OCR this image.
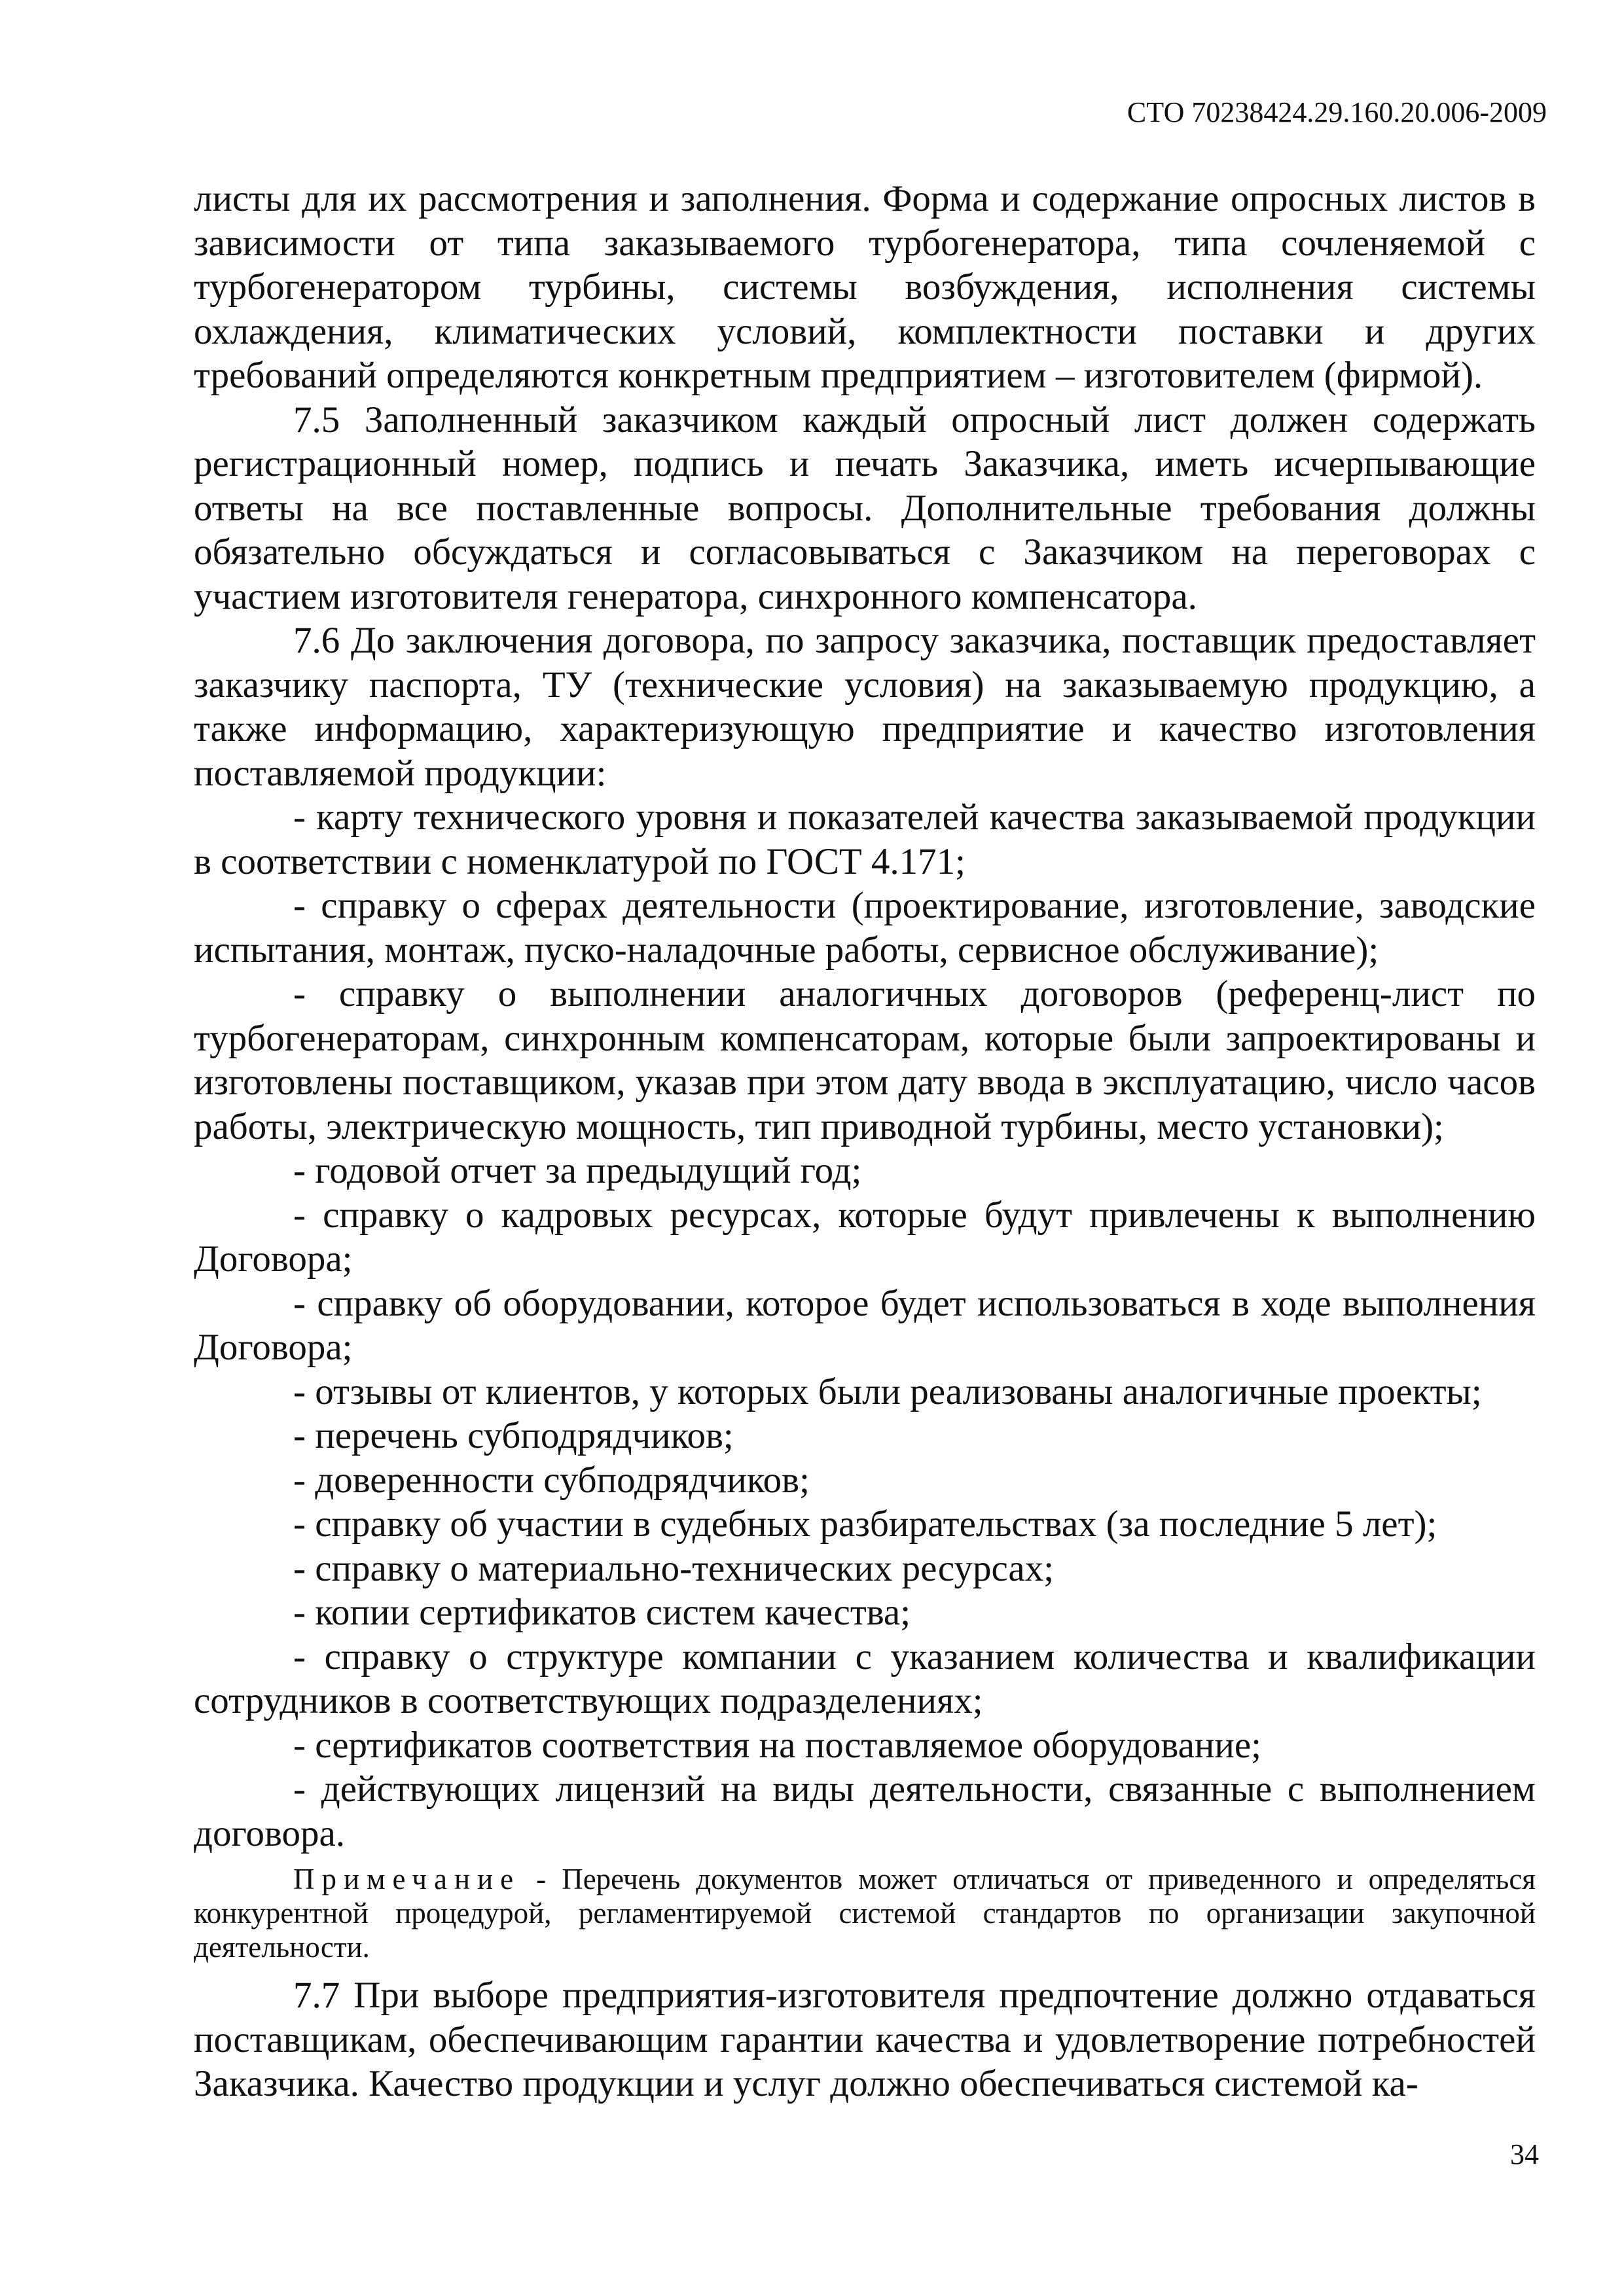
СТО 70238424.29.160.20.006-2009

листы для их рассмотрения и заполнения. Форма и содержание опросных листов в зависимости от типа заказываемого турбогенератора, типа сочленяемой с турбогенератором турбины, системы возбуждения, исполнения системы охлаждения, климатических условий, комплектности поставки и других требований определяются конкретным предприятием – изготовителем (фирмой).

7.5 Заполненный заказчиком каждый опросный лист должен содержать регистрационный номер, подпись и печать Заказчика, иметь исчерпывающие ответы на все поставленные вопросы. Дополнительные требования должны обязательно обсуждаться и согласовываться с Заказчиком на переговорах с участием изготовителя генератора, синхронного компенсатора.

7.6 До заключения договора, по запросу заказчика, поставщик предоставляет заказчику паспорта, ТУ (технические условия) на заказываемую продукцию, а также информацию, характеризующую предприятие и качество изготовления поставляемой продукции:

- карту технического уровня и показателей качества заказываемой продукции в соответствии с номенклатурой по ГОСТ 4.171;

- справку о сферах деятельности (проектирование, изготовление, заводские испытания, монтаж, пуско-наладочные работы, сервисное обслуживание);

- справку о выполнении аналогичных договоров (референц-лист по турбогенераторам, синхронным компенсаторам, которые были запроектированы и изготовлены поставщиком, указав при этом дату ввода в эксплуатацию, число часов работы, электрическую мощность, тип приводной турбины, место установки);

- годовой отчет за предыдущий год;

- справку о кадровых ресурсах, которые будут привлечены к выполнению Договора;

- справку об оборудовании, которое будет использоваться в ходе выполнения Договора;

- отзывы от клиентов, у которых были реализованы аналогичные проекты;

- перечень субподрядчиков;

- доверенности субподрядчиков;

- справку об участии в судебных разбирательствах (за последние 5 лет);

- справку о материально-технических ресурсах;

- копии сертификатов систем качества;

- справку о структуре компании с указанием количества и квалификации сотрудников в соответствующих подразделениях;

- сертификатов соответствия на поставляемое оборудование;

- действующих лицензий на виды деятельности, связанные с выполнением договора.

Примечание - Перечень документов может отличаться от приведенного и определяться конкурентной процедурой, регламентируемой системой стандартов по организации закупочной деятельности.

7.7 При выборе предприятия-изготовителя предпочтение должно отдаваться поставщикам, обеспечивающим гарантии качества и удовлетворение потребностей Заказчика. Качество продукции и услуг должно обеспечиваться системой ка-

34
